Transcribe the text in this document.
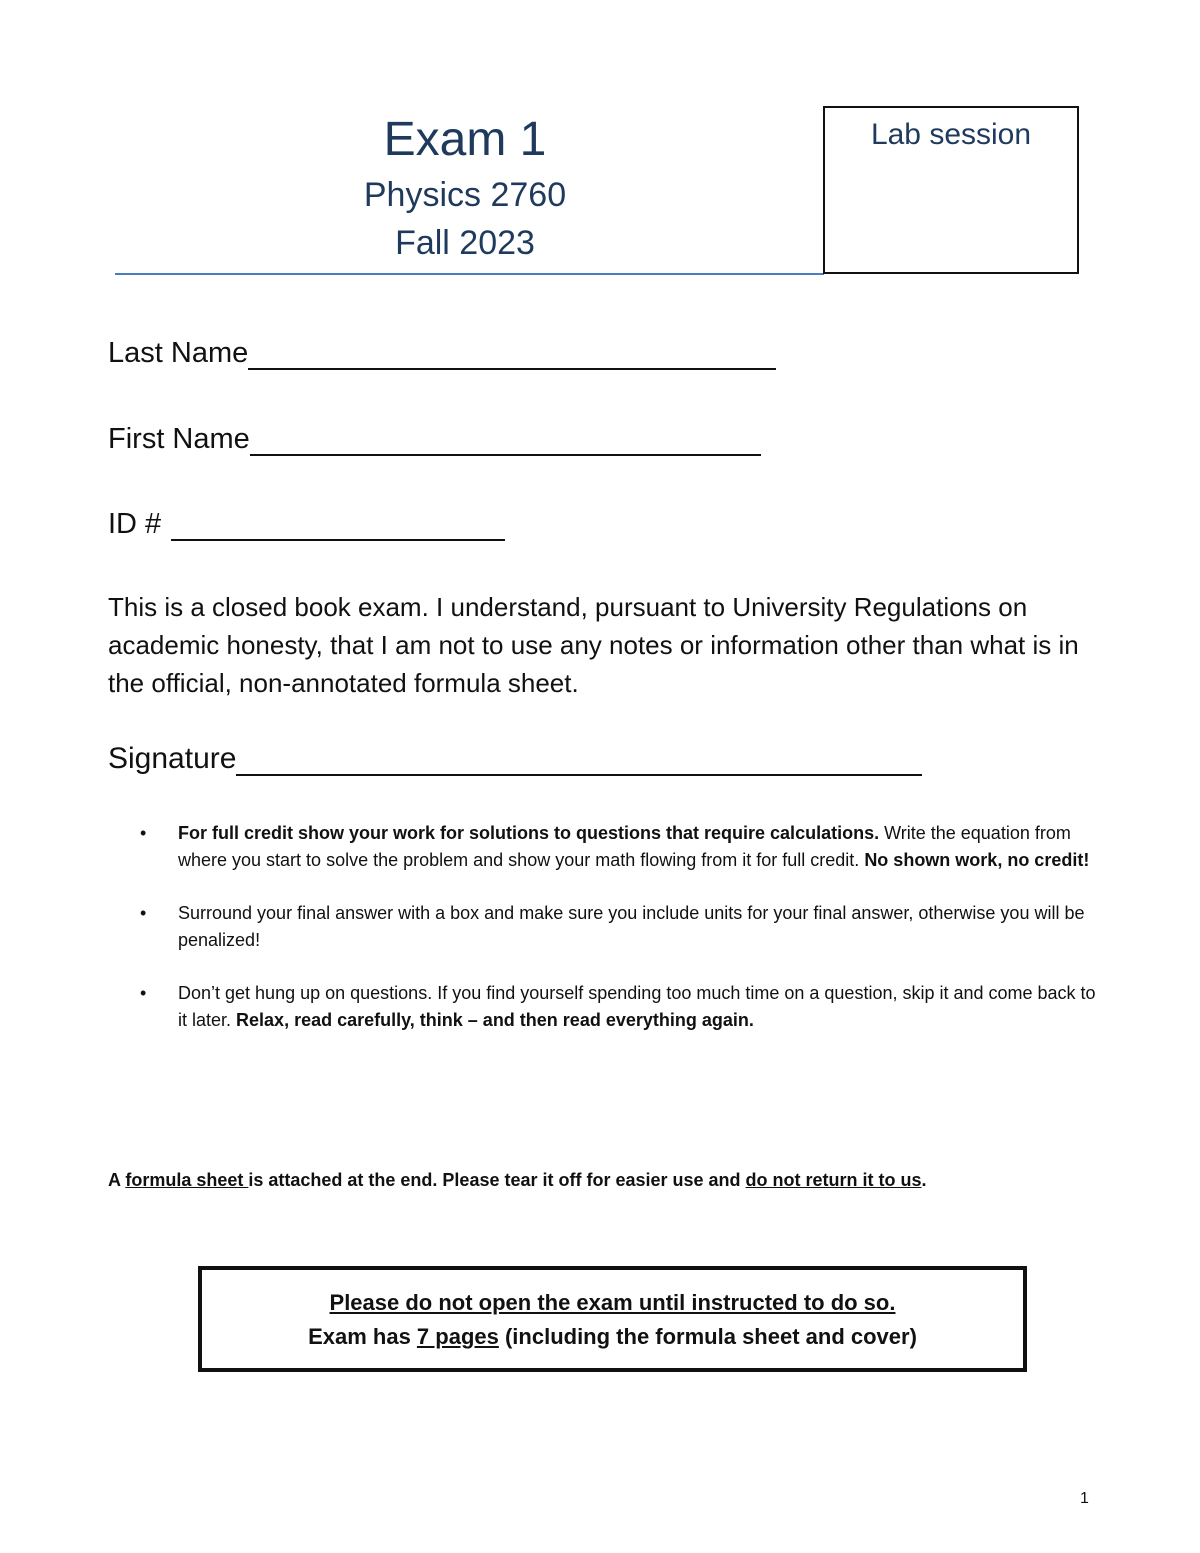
Exam 1
Physics 2760
Fall 2023
Lab session
Last Name
First Name
ID #
This is a closed book exam. I understand, pursuant to University Regulations on academic honesty, that I am not to use any notes or information other than what is in the official, non-annotated formula sheet.
Signature
• For full credit show your work for solutions to questions that require calculations. Write the equation from where you start to solve the problem and show your math flowing from it for full credit. No shown work, no credit!
• Surround your final answer with a box and make sure you include units for your final answer, otherwise you will be penalized!
• Don’t get hung up on questions. If you find yourself spending too much time on a question, skip it and come back to it later. Relax, read carefully, think – and then read everything again.
A formula sheet is attached at the end. Please tear it off for easier use and do not return it to us.
Please do not open the exam until instructed to do so.
Exam has 7 pages (including the formula sheet and cover)
1
